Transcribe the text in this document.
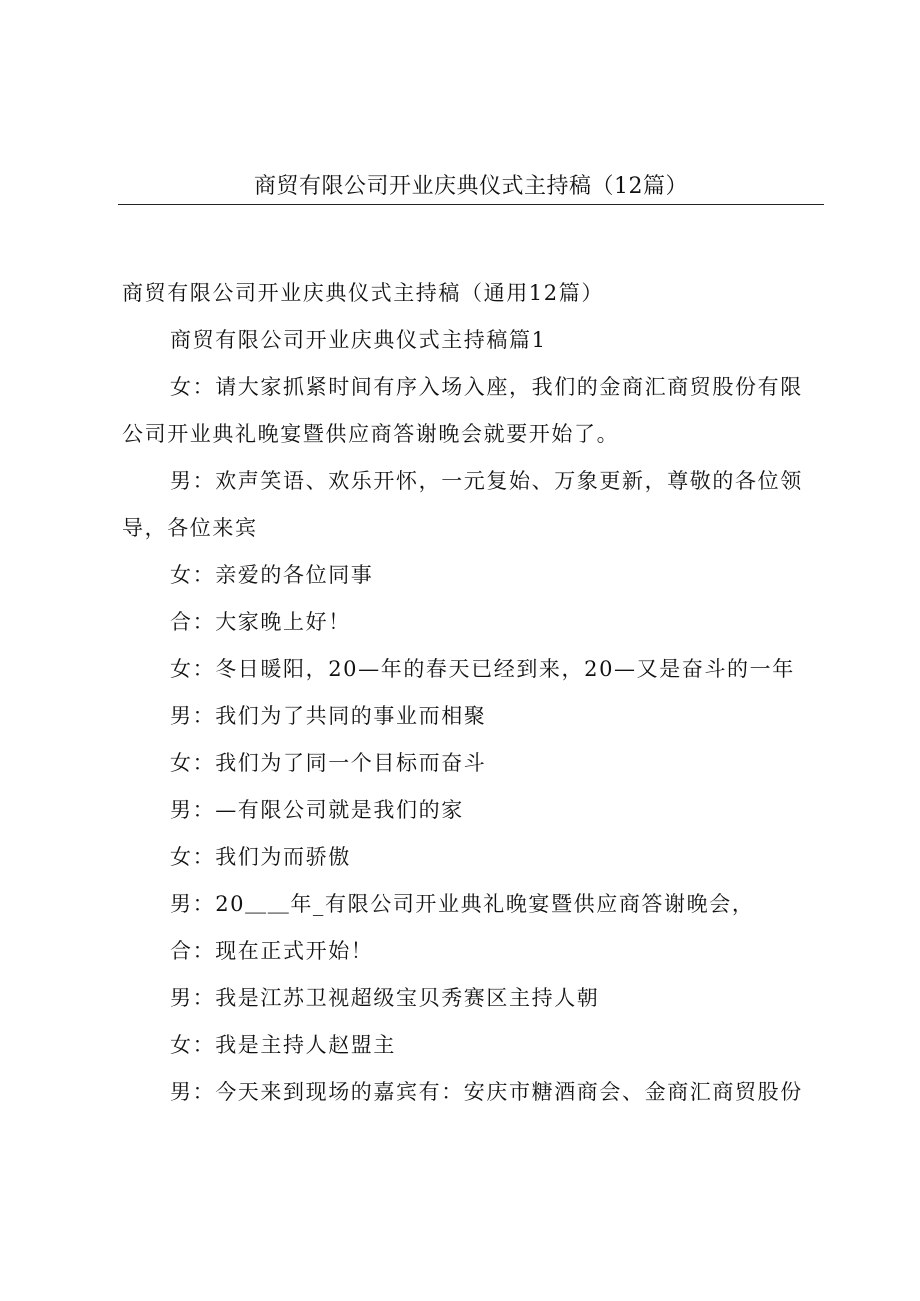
商贸有限公司开业庆典仪式主持稿（12篇）

商贸有限公司开业庆典仪式主持稿（通用12篇）

商贸有限公司开业庆典仪式主持稿篇1

女：请大家抓紧时间有序入场入座，我们的金商汇商贸股份有限
公司开业典礼晚宴暨供应商答谢晚会就要开始了。

男：欢声笑语、欢乐开怀，一元复始、万象更新，尊敬的各位领
导，各位来宾

女：亲爱的各位同事

合：大家晚上好！

女：冬日暖阳，20—年的春天已经到来，20—又是奋斗的一年

男：我们为了共同的事业而相聚

女：我们为了同一个目标而奋斗

男：—有限公司就是我们的家

女：我们为而骄傲

男：20＿＿年_有限公司开业典礼晚宴暨供应商答谢晚会，

合：现在正式开始！

男：我是江苏卫视超级宝贝秀赛区主持人朝

女：我是主持人赵盟主

男：今天来到现场的嘉宾有：安庆市糖酒商会、金商汇商贸股份
